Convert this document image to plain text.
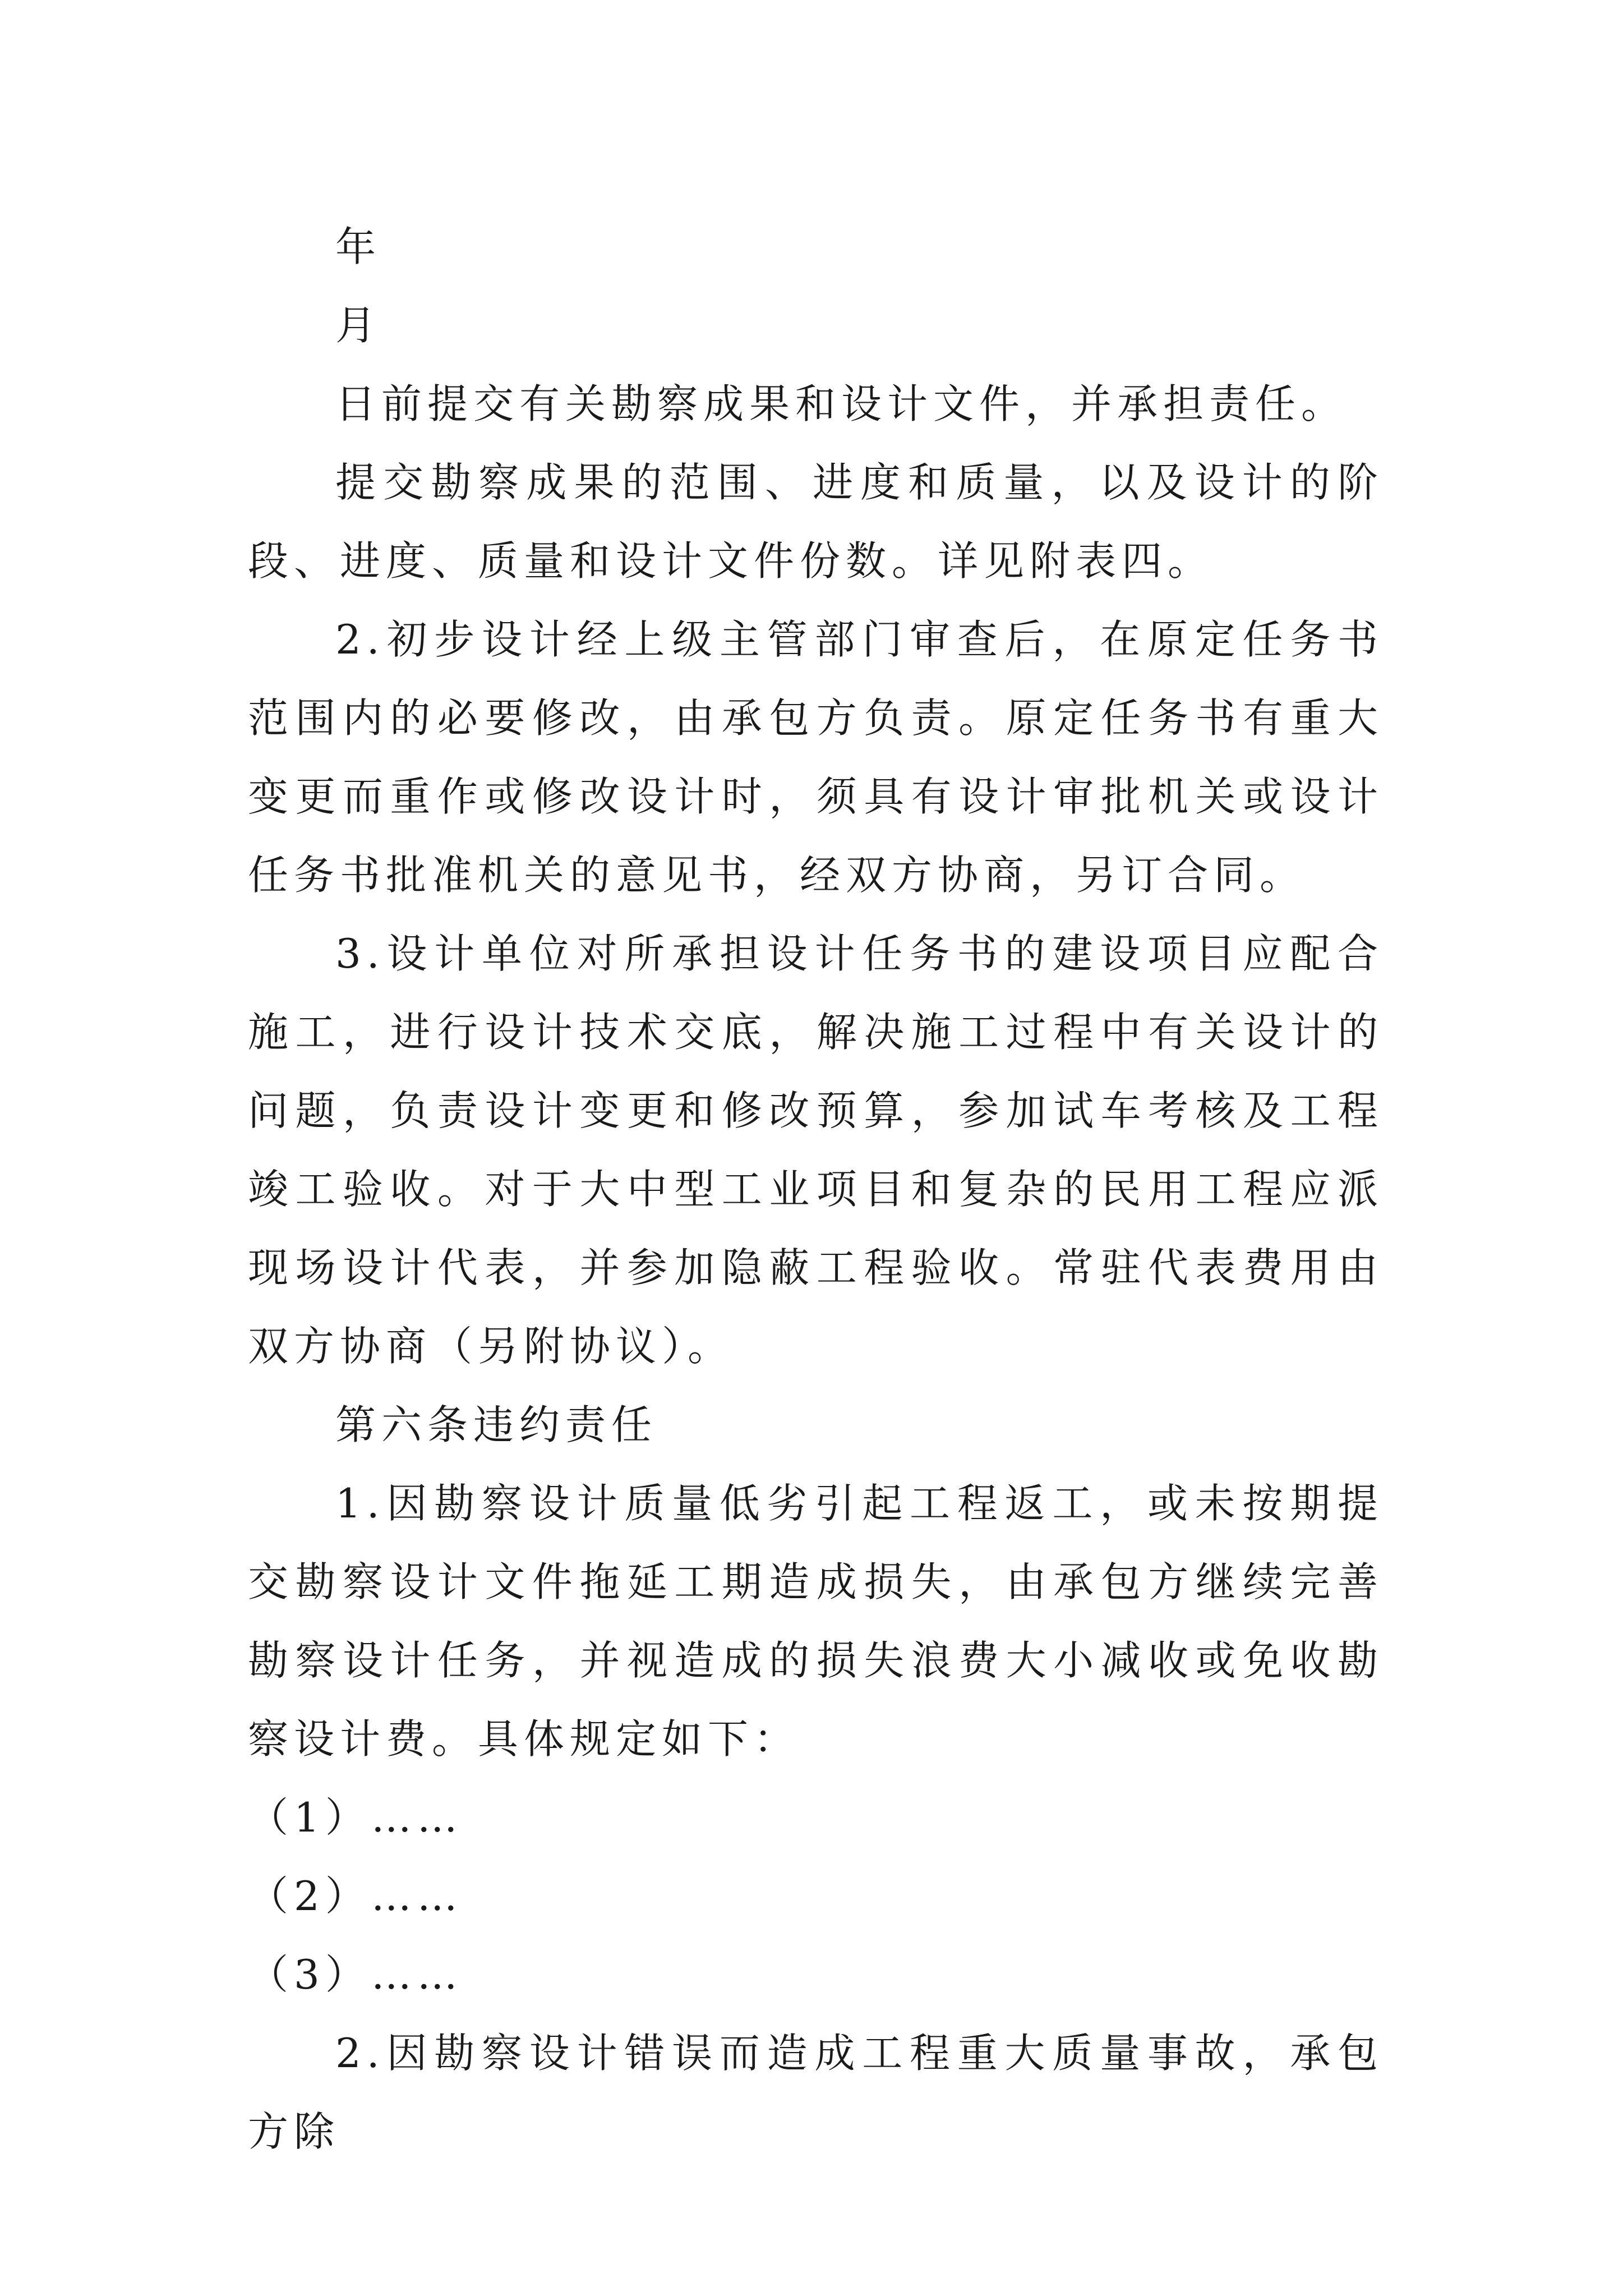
年

月

日前提交有关勘察成果和设计文件，并承担责任。

提交勘察成果的范围、进度和质量，以及设计的阶段、进度、质量和设计文件份数。详见附表四。

2.初步设计经上级主管部门审查后，在原定任务书范围内的必要修改，由承包方负责。原定任务书有重大变更而重作或修改设计时，须具有设计审批机关或设计任务书批准机关的意见书，经双方协商，另订合同。

3.设计单位对所承担设计任务书的建设项目应配合施工，进行设计技术交底，解决施工过程中有关设计的问题，负责设计变更和修改预算，参加试车考核及工程竣工验收。对于大中型工业项目和复杂的民用工程应派现场设计代表，并参加隐蔽工程验收。常驻代表费用由双方协商（另附协议）。

第六条违约责任

1.因勘察设计质量低劣引起工程返工，或未按期提交勘察设计文件拖延工期造成损失，由承包方继续完善勘察设计任务，并视造成的损失浪费大小减收或免收勘察设计费。具体规定如下：

（1）……

（2）……

（3）……

2.因勘察设计错误而造成工程重大质量事故，承包方除
